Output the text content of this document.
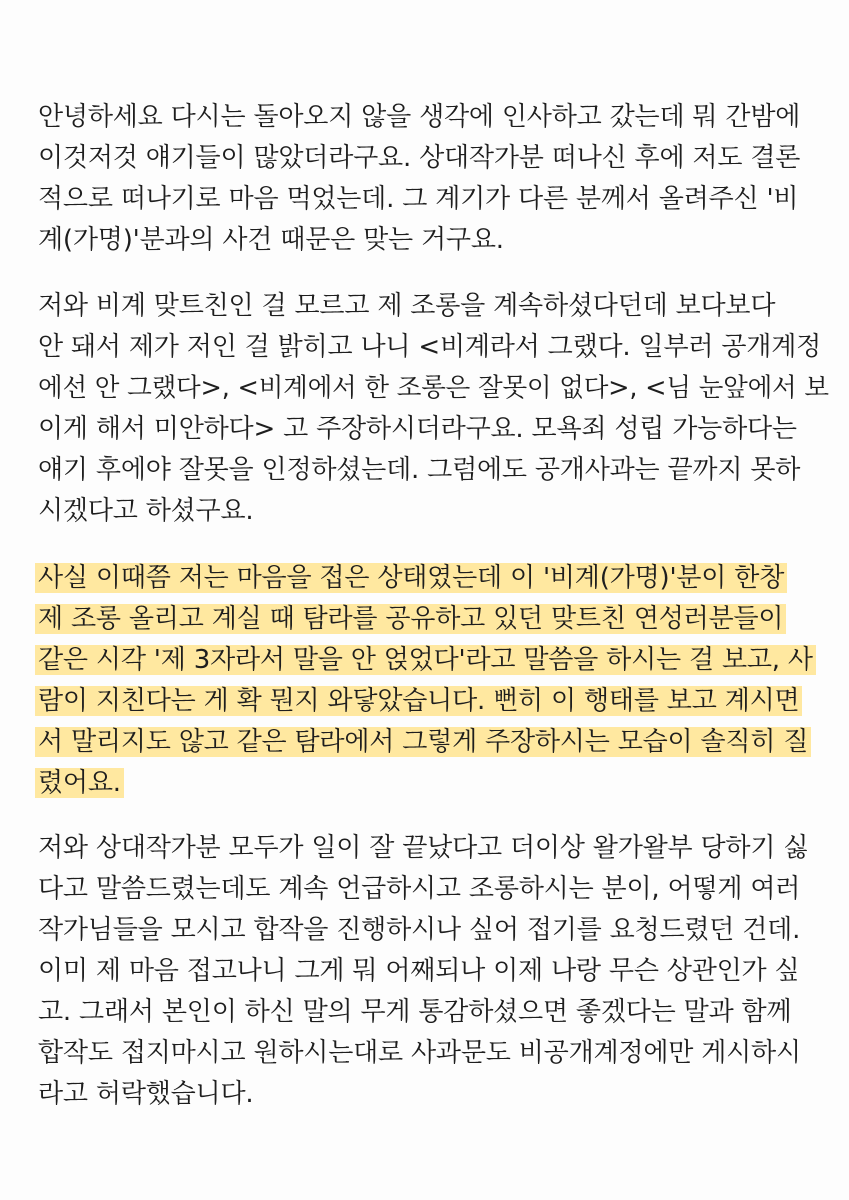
안녕하세요 다시는 돌아오지 않을 생각에 인사하고 갔는데 뭐 간밤에
이것저것 얘기들이 많았더라구요. 상대작가분 떠나신 후에 저도 결론
적으로 떠나기로 마음 먹었는데. 그 계기가 다른 분께서 올려주신 '비
계(가명)'분과의 사건 때문은 맞는 거구요.
저와 비계 맞트친인 걸 모르고 제 조롱을 계속하셨다던데 보다보다
안 돼서 제가 저인 걸 밝히고 나니 <비계라서 그랬다. 일부러 공개계정
에선 안 그랬다>, <비계에서 한 조롱은 잘못이 없다>, <님 눈앞에서 보
이게 해서 미안하다> 고 주장하시더라구요. 모욕죄 성립 가능하다는
얘기 후에야 잘못을 인정하셨는데. 그럼에도 공개사과는 끝까지 못하
시겠다고 하셨구요.
사실 이때쯤 저는 마음을 접은 상태였는데 이 '비계(가명)'분이 한창
제 조롱 올리고 계실 때 탐라를 공유하고 있던 맞트친 연성러분들이
같은 시각 '제 3자라서 말을 안 얹었다'라고 말씀을 하시는 걸 보고, 사
람이 지친다는 게 확 뭔지 와닿았습니다. 뻔히 이 행태를 보고 계시면
서 말리지도 않고 같은 탐라에서 그렇게 주장하시는 모습이 솔직히 질
렸어요.
저와 상대작가분 모두가 일이 잘 끝났다고 더이상 왈가왈부 당하기 싫
다고 말씀드렸는데도 계속 언급하시고 조롱하시는 분이, 어떻게 여러
작가님들을 모시고 합작을 진행하시나 싶어 접기를 요청드렸던 건데.
이미 제 마음 접고나니 그게 뭐 어째되나 이제 나랑 무슨 상관인가 싶
고. 그래서 본인이 하신 말의 무게 통감하셨으면 좋겠다는 말과 함께
합작도 접지마시고 원하시는대로 사과문도 비공개계정에만 게시하시
라고 허락했습니다.
